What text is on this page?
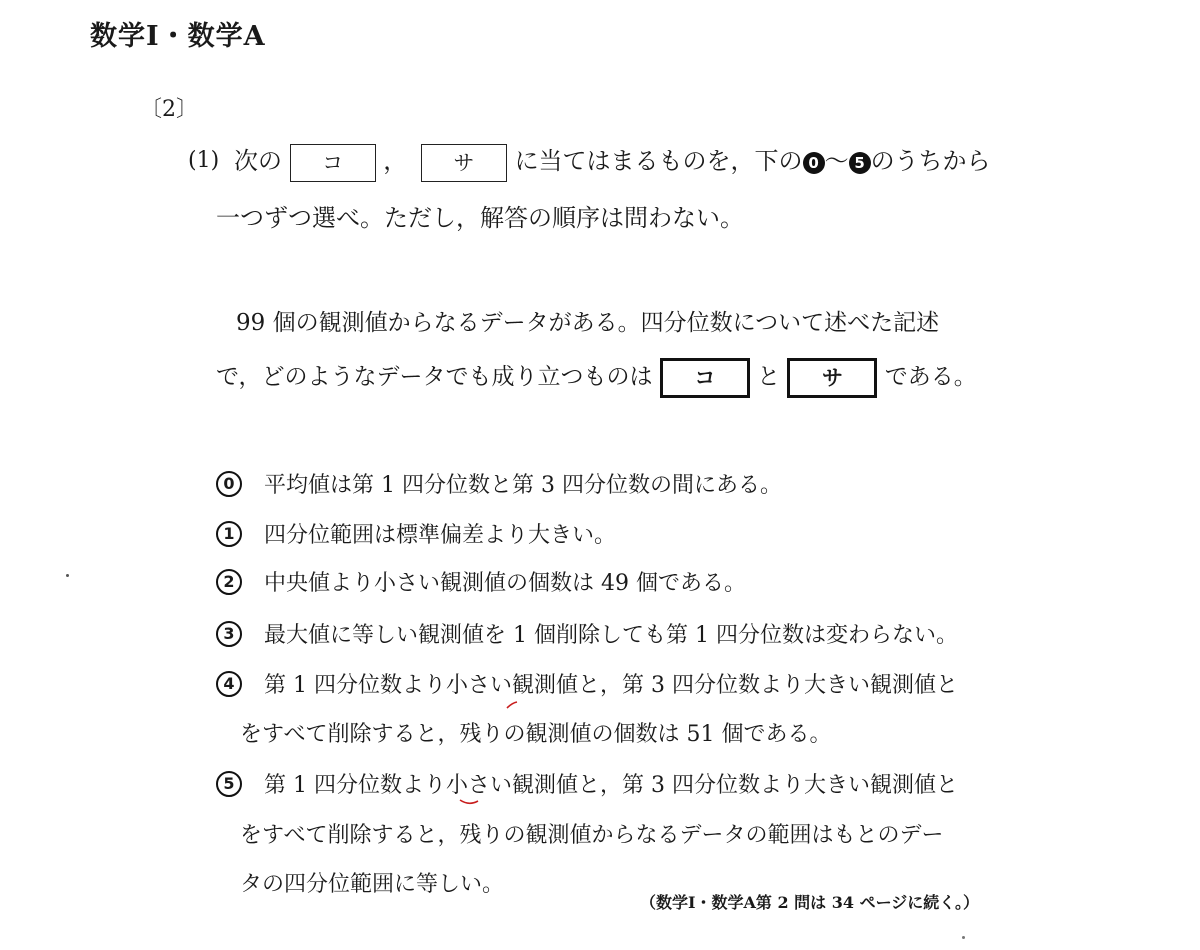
数学Ⅰ・数学A
〔2〕
(1) 次の コ ， サ に当てはまるものを，下の 0 ～ 5 のうちから
一つずつ選べ。ただし，解答の順序は問わない。
99 個の観測値からなるデータがある。四分位数について述べた記述
で，どのようなデータでも成り立つものは コ と サ である。
0	平均値は第 1 四分位数と第 3 四分位数の間にある。
1	四分位範囲は標準偏差より大きい。
2	中央値より小さい観測値の個数は 49 個である。
3	最大値に等しい観測値を 1 個削除しても第 1 四分位数は変わらない。
4	第 1 四分位数より小さい観測値と，第 3 四分位数より大きい観測値と
をすべて削除すると，残りの観測値の個数は 51 個である。
5	第 1 四分位数より小さい観測値と，第 3 四分位数より大きい観測値と
をすべて削除すると，残りの観測値からなるデータの範囲はもとのデー
タの四分位範囲に等しい。
（数学Ⅰ・数学A第 2 問は 34 ページに続く。）
